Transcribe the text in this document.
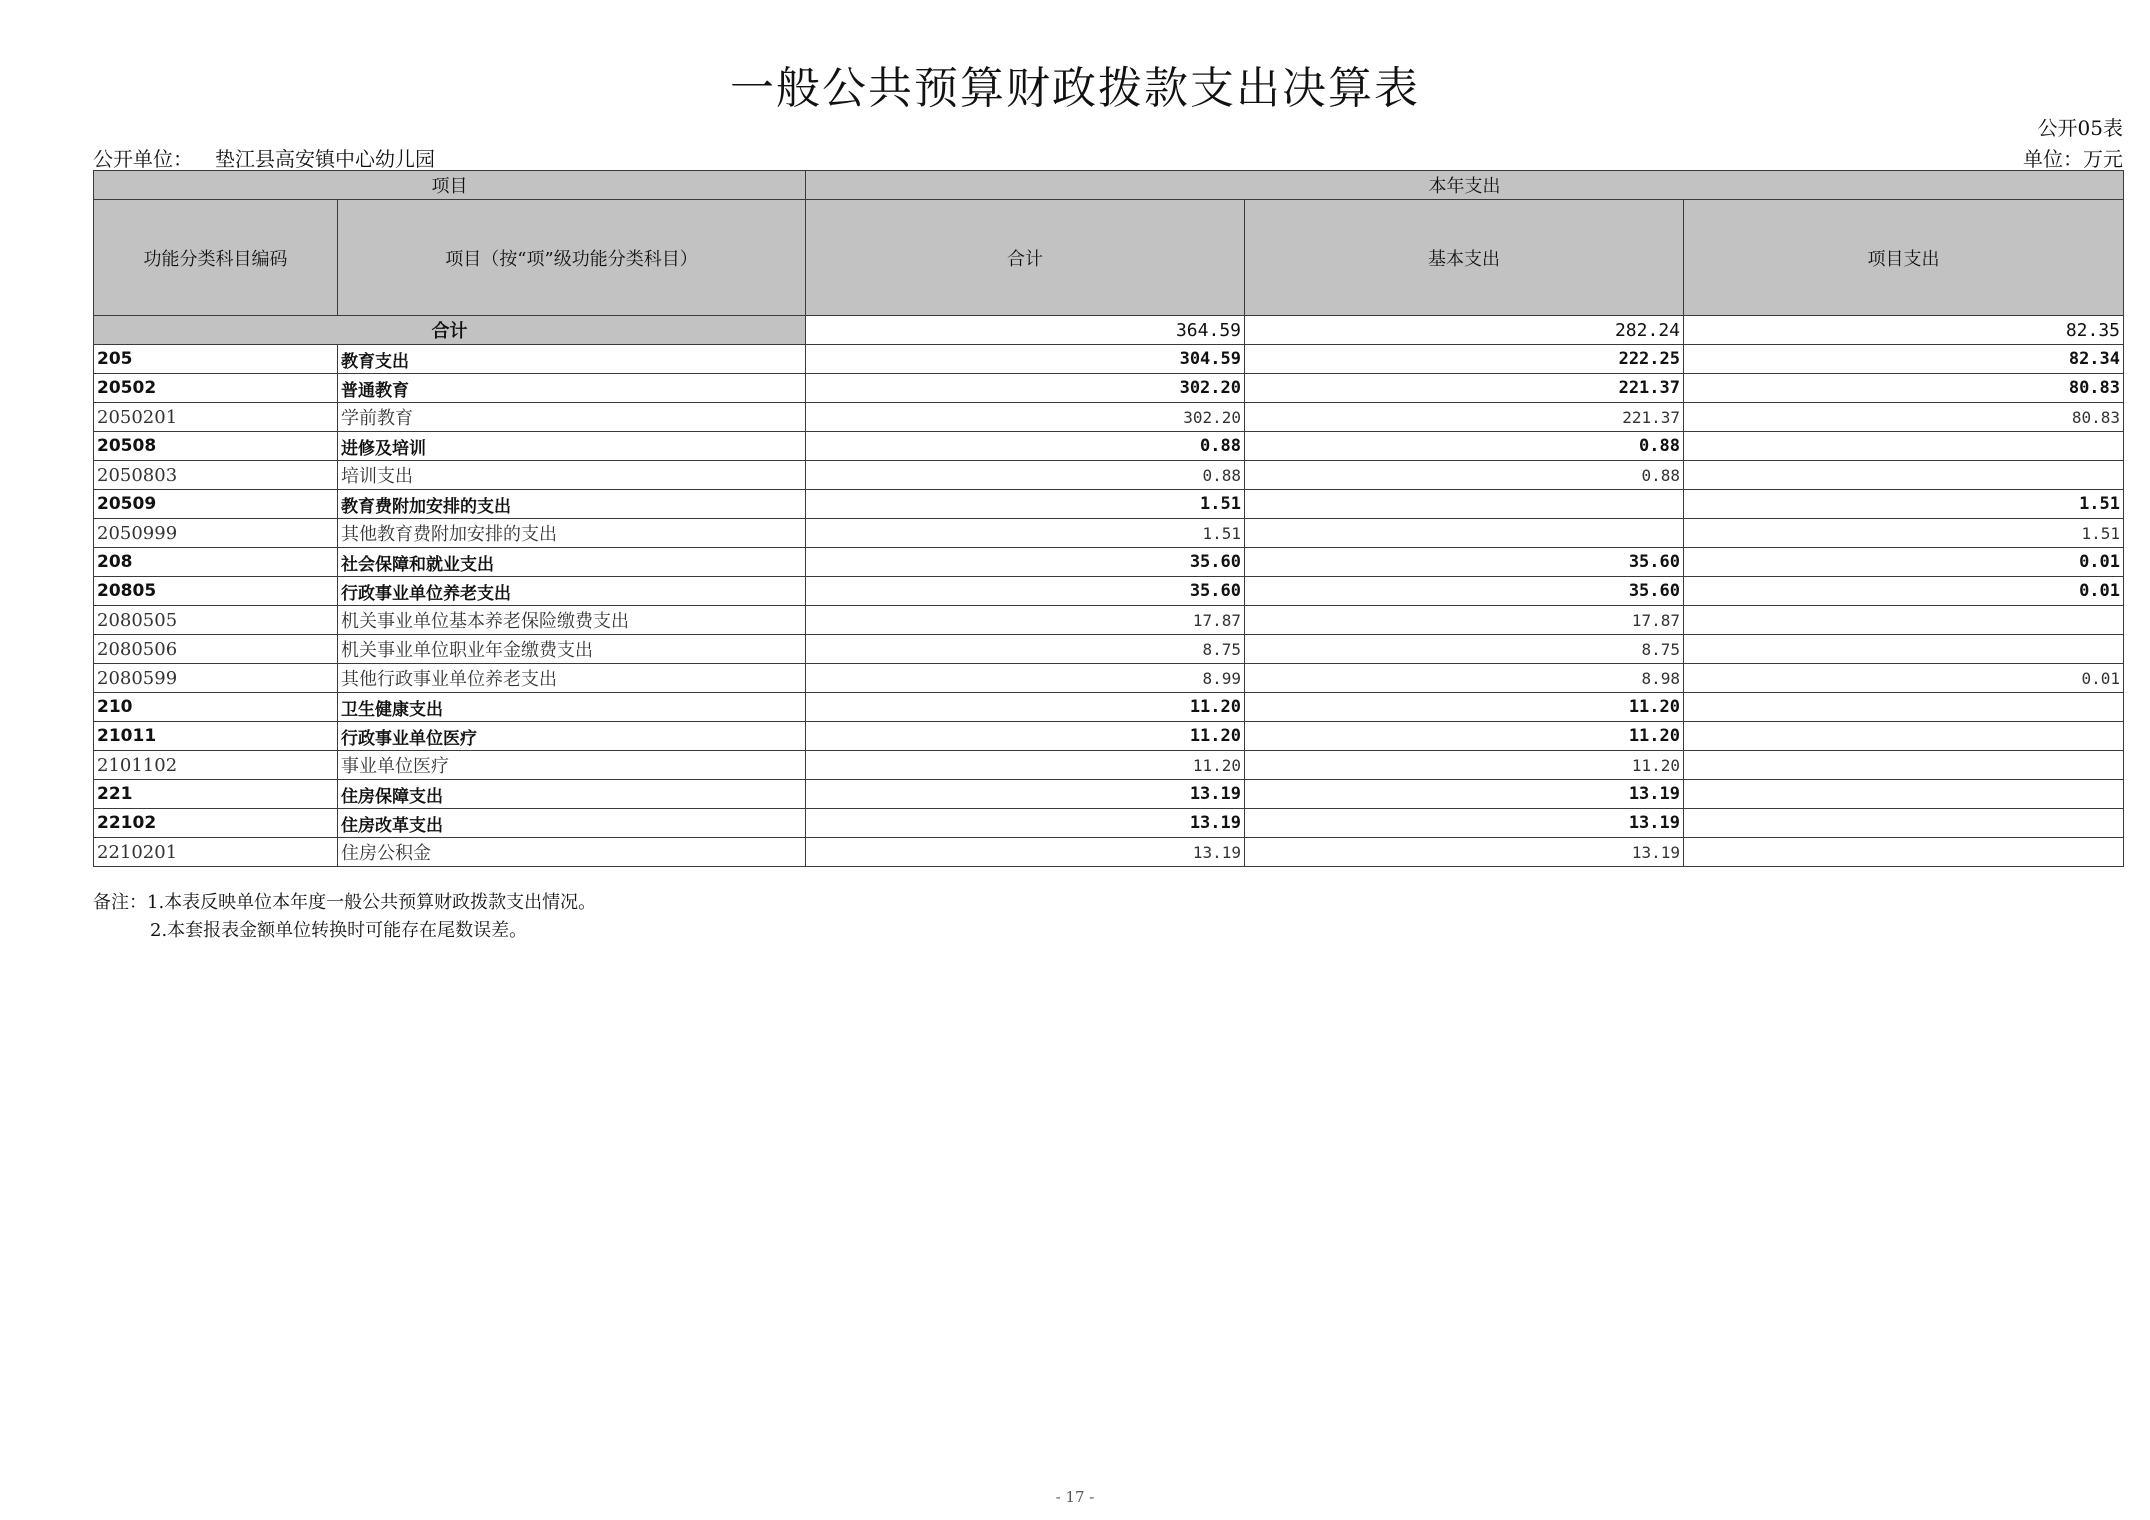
一般公共预算财政拨款支出决算表
公开05表
公开单位： 垫江县高安镇中心幼儿园	单位：万元
项目		本年支出		
功能分类科目编码	项目（按“项”级功能分类科目）	合计	基本支出	项目支出
合计		364.59	282.24	82.35
205	教育支出	304.59	222.25	82.34
20502	普通教育	302.20	221.37	80.83
2050201	学前教育	302.20	221.37	80.83
20508	进修及培训	0.88	0.88	
2050803	培训支出	0.88	0.88	
20509	教育费附加安排的支出	1.51		1.51
2050999	其他教育费附加安排的支出	1.51		1.51
208	社会保障和就业支出	35.60	35.60	0.01
20805	行政事业单位养老支出	35.60	35.60	0.01
2080505	机关事业单位基本养老保险缴费支出	17.87	17.87	
2080506	机关事业单位职业年金缴费支出	8.75	8.75	
2080599	其他行政事业单位养老支出	8.99	8.98	0.01
210	卫生健康支出	11.20	11.20	
21011	行政事业单位医疗	11.20	11.20	
2101102	事业单位医疗	11.20	11.20	
221	住房保障支出	13.19	13.19	
22102	住房改革支出	13.19	13.19	
2210201	住房公积金	13.19	13.19	
备注：1.本表反映单位本年度一般公共预算财政拨款支出情况。
2.本套报表金额单位转换时可能存在尾数误差。
- 17 -
